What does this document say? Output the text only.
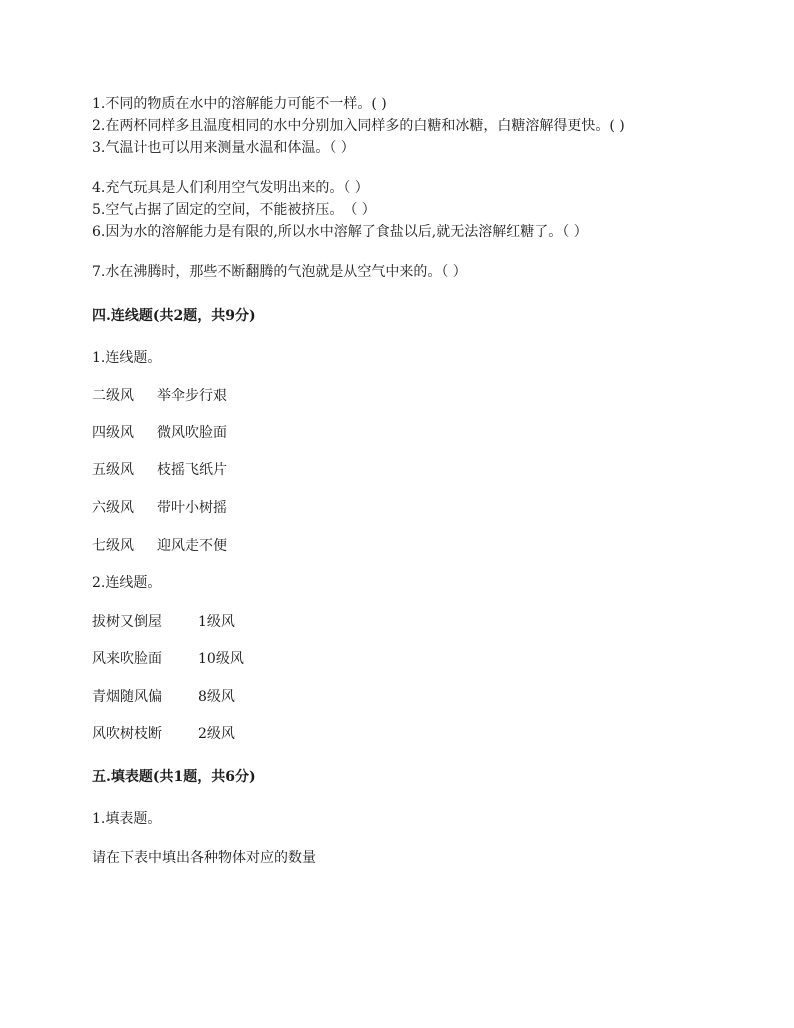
1.不同的物质在水中的溶解能力可能不一样。( )
2.在两杯同样多且温度相同的水中分别加入同样多的白糖和冰糖，白糖溶解得更快。( )
3.气温计也可以用来测量水温和体温。（ ）
4.充气玩具是人们利用空气发明出来的。（ ）
5.空气占据了固定的空间，不能被挤压。　（ ）
6.因为水的溶解能力是有限的,所以水中溶解了食盐以后,就无法溶解红糖了。（ ）
7.水在沸腾时，那些不断翻腾的气泡就是从空气中来的。（ ）
四.连线题(共2题，共9分)
1.连线题。
二级风 举伞步行艰
四级风 微风吹脸面
五级风 枝摇飞纸片
六级风 带叶小树摇
七级风 迎风走不便
2.连线题。
拔树又倒屋	1级风
风来吹脸面	10级风
青烟随风偏	8级风
风吹树枝断	2级风
五.填表题(共1题，共6分)
1.填表题。
请在下表中填出各种物体对应的数量
